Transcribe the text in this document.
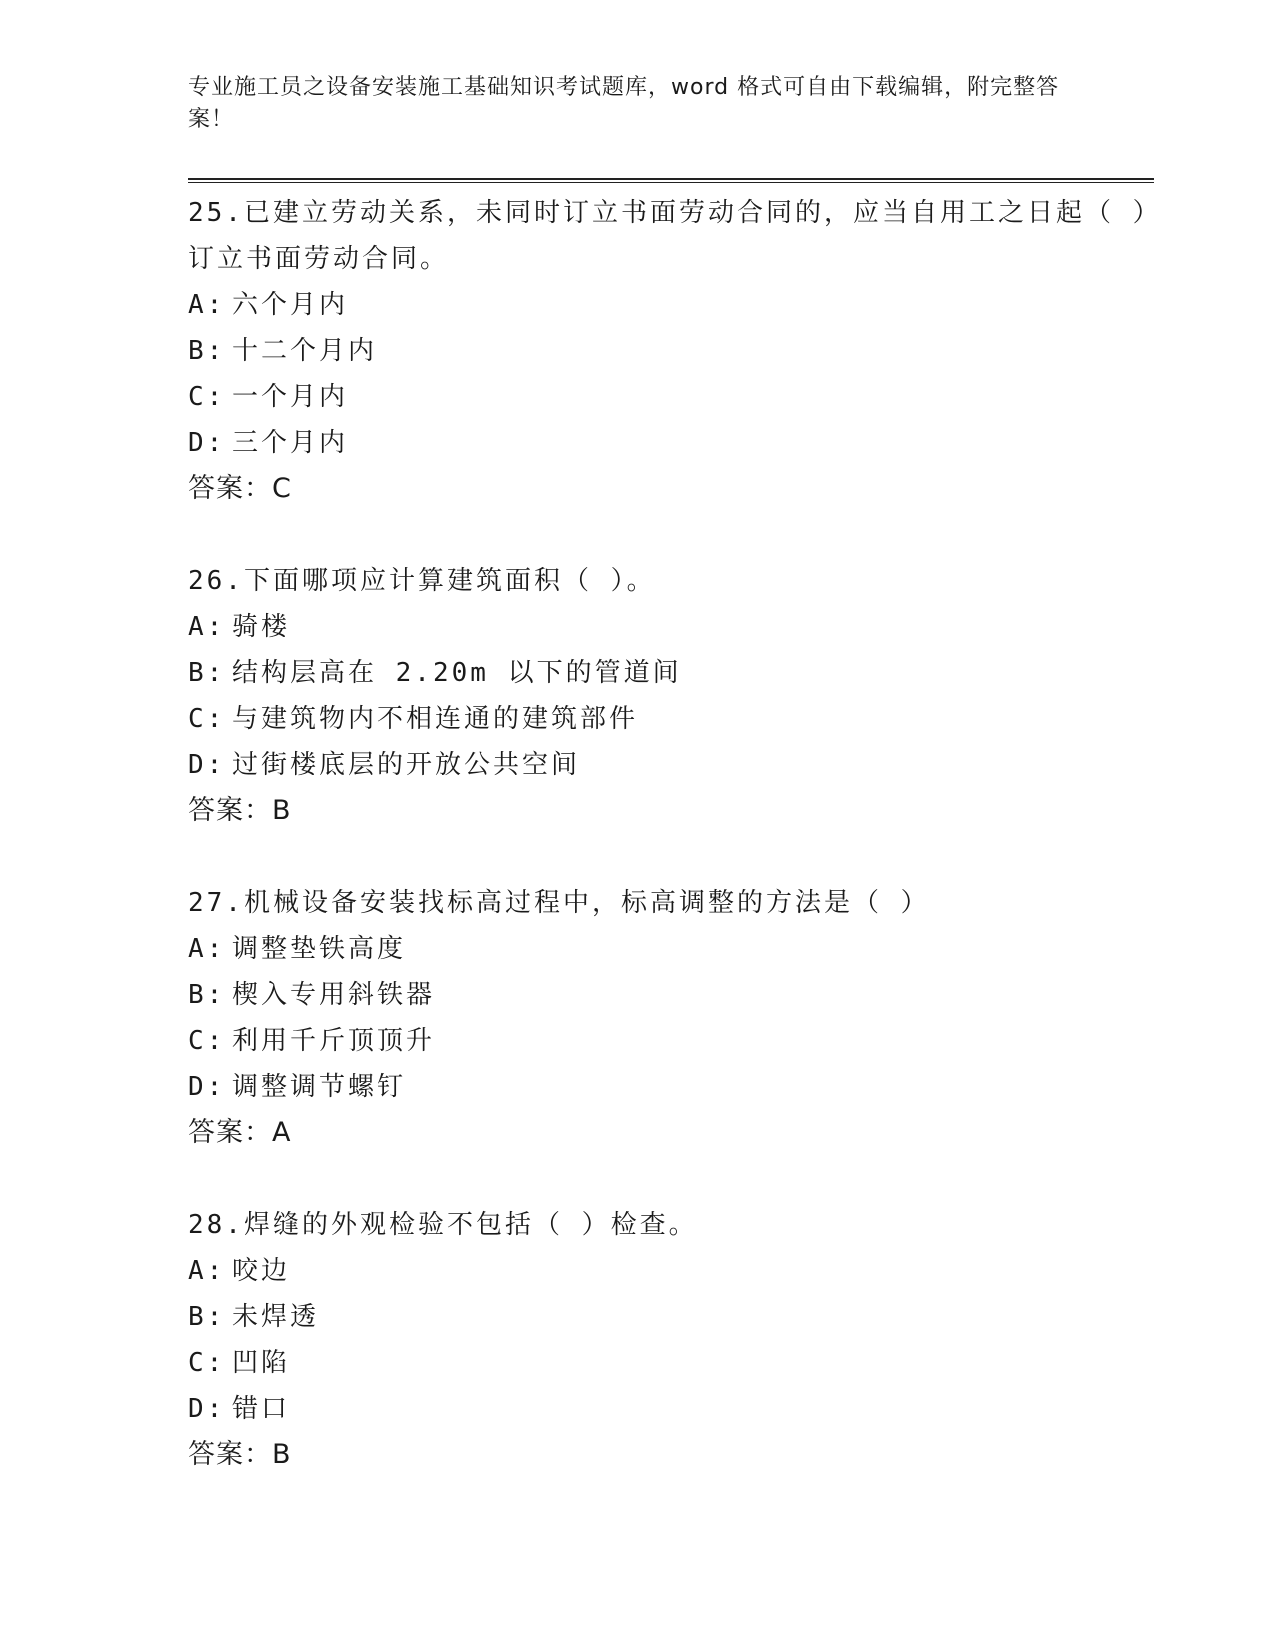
专业施工员之设备安装施工基础知识考试题库，word 格式可自由下载编辑，附完整答案！
25.已建立劳动关系，未同时订立书面劳动合同的，应当自用工之日起（ ）订立书面劳动合同。
A: 六个月内
B: 十二个月内
C: 一个月内
D: 三个月内
答案：C
26.下面哪项应计算建筑面积（ ）。
A: 骑楼
B: 结构层高在 2.20m 以下的管道间
C: 与建筑物内不相连通的建筑部件
D: 过街楼底层的开放公共空间
答案：B
27.机械设备安装找标高过程中，标高调整的方法是（ ）
A: 调整垫铁高度
B: 楔入专用斜铁器
C: 利用千斤顶顶升
D: 调整调节螺钉
答案：A
28.焊缝的外观检验不包括（ ）检查。
A: 咬边
B: 未焊透
C: 凹陷
D: 错口
答案：B
